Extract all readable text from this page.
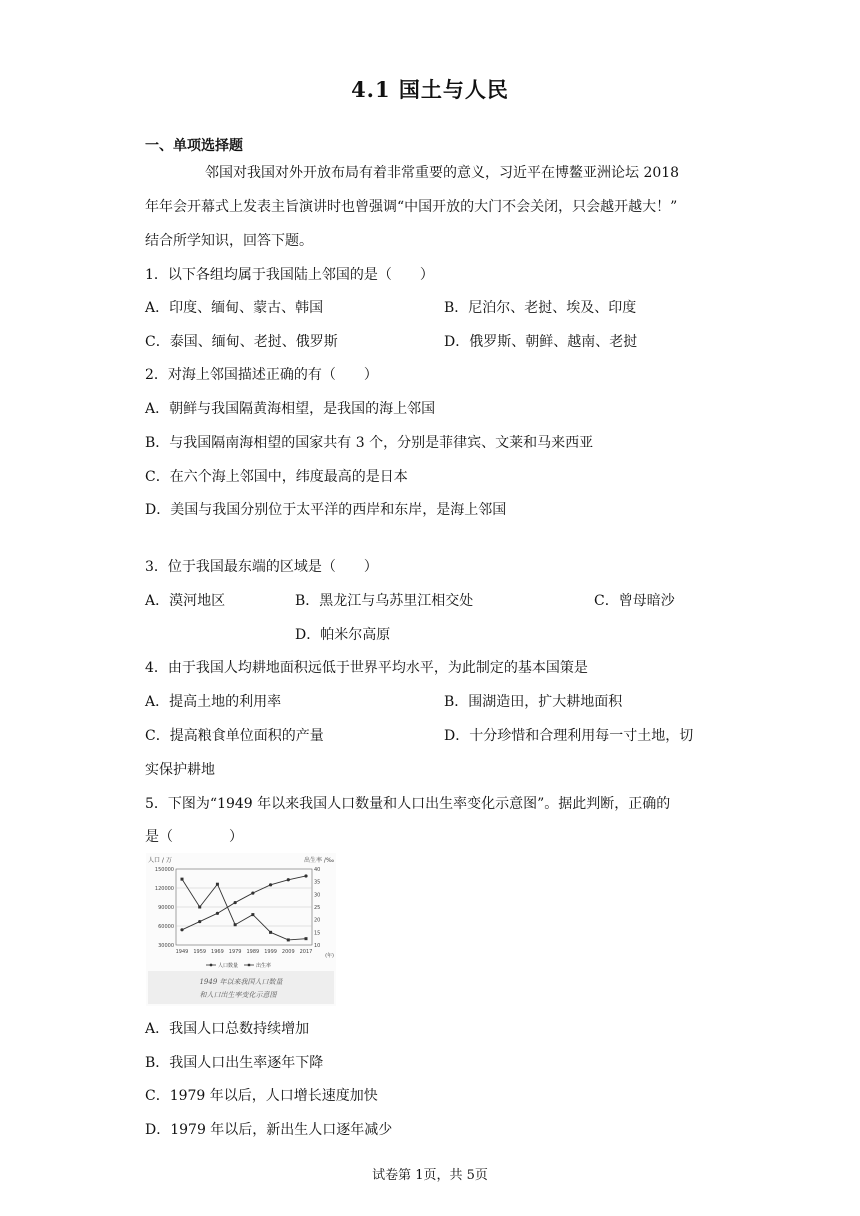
4.1 国土与人民
一、单项选择题
邻国对我国对外开放布局有着非常重要的意义，习近平在博鳌亚洲论坛 2018
年年会开幕式上发表主旨演讲时也曾强调“中国开放的大门不会关闭，只会越开越大！”
结合所学知识，回答下题。
1．以下各组均属于我国陆上邻国的是（　　）
A．印度、缅甸、蒙古、韩国	B．尼泊尔、老挝、埃及、印度
C．泰国、缅甸、老挝、俄罗斯	D．俄罗斯、朝鲜、越南、老挝
2．对海上邻国描述正确的有（　　）
A．朝鲜与我国隔黄海相望，是我国的海上邻国
B．与我国隔南海相望的国家共有 3 个，分别是菲律宾、文莱和马来西亚
C．在六个海上邻国中，纬度最高的是日本
D．美国与我国分别位于太平洋的西岸和东岸，是海上邻国
3．位于我国最东端的区域是（　　）
A．漠河地区	B．黑龙江与乌苏里江相交处	C．曾母暗沙
D．帕米尔高原
4．由于我国人均耕地面积远低于世界平均水平，为此制定的基本国策是
A．提高土地的利用率	B．围湖造田，扩大耕地面积
C．提高粮食单位面积的产量	D．十分珍惜和合理利用每一寸土地，切
实保护耕地
5．下图为“1949 年以来我国人口数量和人口出生率变化示意图”。据此判断，正确的
是（　　　　）
人口 / 万	出生率 /‰
150000
120000
90000
60000
30000
40
35
30
25
20
15
10
1949 1959 1969 1979 1989 1999 2009 2017
(年)
人口数量	出生率
1949 年以来我国人口数量
和人口出生率变化示意图
A．我国人口总数持续增加
B．我国人口出生率逐年下降
C．1979 年以后，人口增长速度加快
D．1979 年以后，新出生人口逐年减少
试卷第 1页，共 5页
